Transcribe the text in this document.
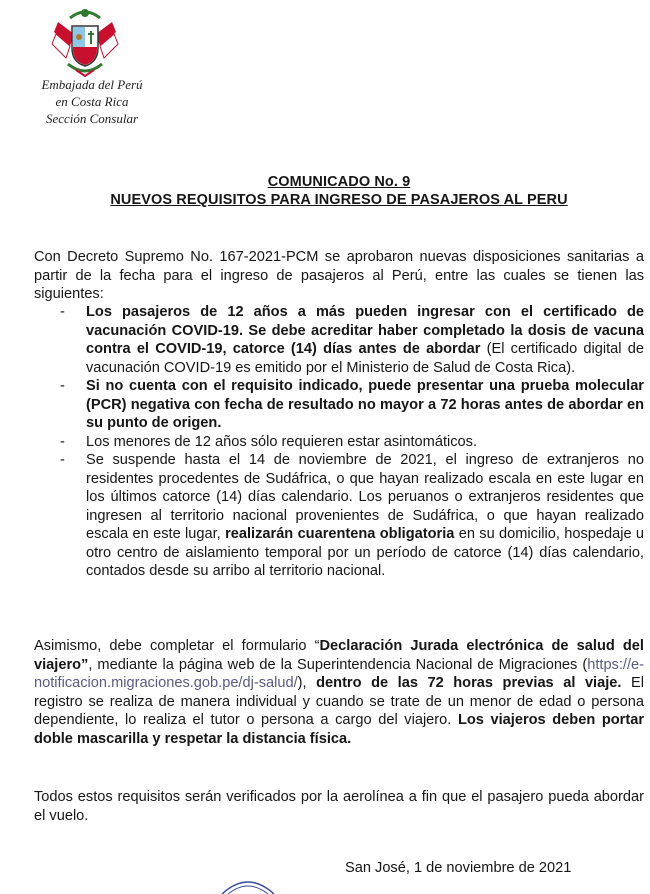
Embajada del Perú
en Costa Rica
Sección Consular
COMUNICADO No. 9
NUEVOS REQUISITOS PARA INGRESO DE PASAJEROS AL PERU
Con Decreto Supremo No. 167-2021-PCM se aprobaron nuevas disposiciones sanitarias a partir de la fecha para el ingreso de pasajeros al Perú, entre las cuales se tienen las siguientes:
- Los pasajeros de 12 años a más pueden ingresar con el certificado de vacunación COVID-19. Se debe acreditar haber completado la dosis de vacuna contra el COVID-19, catorce (14) días antes de abordar (El certificado digital de vacunación COVID-19 es emitido por el Ministerio de Salud de Costa Rica).
- Si no cuenta con el requisito indicado, puede presentar una prueba molecular (PCR) negativa con fecha de resultado no mayor a 72 horas antes de abordar en su punto de origen.
- Los menores de 12 años sólo requieren estar asintomáticos.
- Se suspende hasta el 14 de noviembre de 2021, el ingreso de extranjeros no residentes procedentes de Sudáfrica, o que hayan realizado escala en este lugar en los últimos catorce (14) días calendario. Los peruanos o extranjeros residentes que ingresen al territorio nacional provenientes de Sudáfrica, o que hayan realizado escala en este lugar, realizarán cuarentena obligatoria en su domicilio, hospedaje u otro centro de aislamiento temporal por un período de catorce (14) días calendario, contados desde su arribo al territorio nacional.
Asimismo, debe completar el formulario “Declaración Jurada electrónica de salud del viajero”, mediante la página web de la Superintendencia Nacional de Migraciones (https://e-notificacion.migraciones.gob.pe/dj-salud/), dentro de las 72 horas previas al viaje. El registro se realiza de manera individual y cuando se trate de un menor de edad o persona dependiente, lo realiza el tutor o persona a cargo del viajero. Los viajeros deben portar doble mascarilla y respetar la distancia física.
Todos estos requisitos serán verificados por la aerolínea a fin que el pasajero pueda abordar el vuelo.
San José, 1 de noviembre de 2021
